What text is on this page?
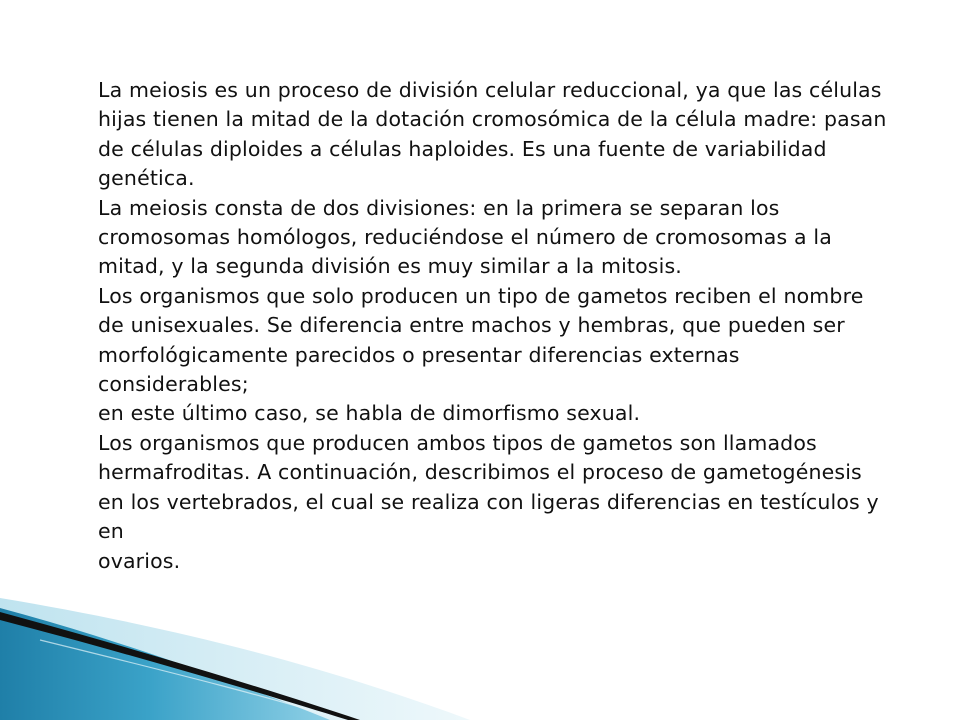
La meiosis es un proceso de división celular reduccional, ya que las células hijas tienen la mitad de la dotación cromosómica de la célula madre: pasan de células diploides a células haploides. Es una fuente de variabilidad genética.

La meiosis consta de dos divisiones: en la primera se separan los cromosomas homólogos, reduciéndose el número de cromosomas a la mitad, y la segunda división es muy similar a la mitosis.

Los organismos que solo producen un tipo de gametos reciben el nombre de unisexuales. Se diferencia entre machos y hembras, que pueden ser morfológicamente parecidos o presentar diferencias externas considerables;

en este último caso, se habla de dimorfismo sexual.

Los organismos que producen ambos tipos de gametos son llamados hermafroditas. A continuación, describimos el proceso de gametogénesis en los vertebrados, el cual se realiza con ligeras diferencias en testículos y en

ovarios.
